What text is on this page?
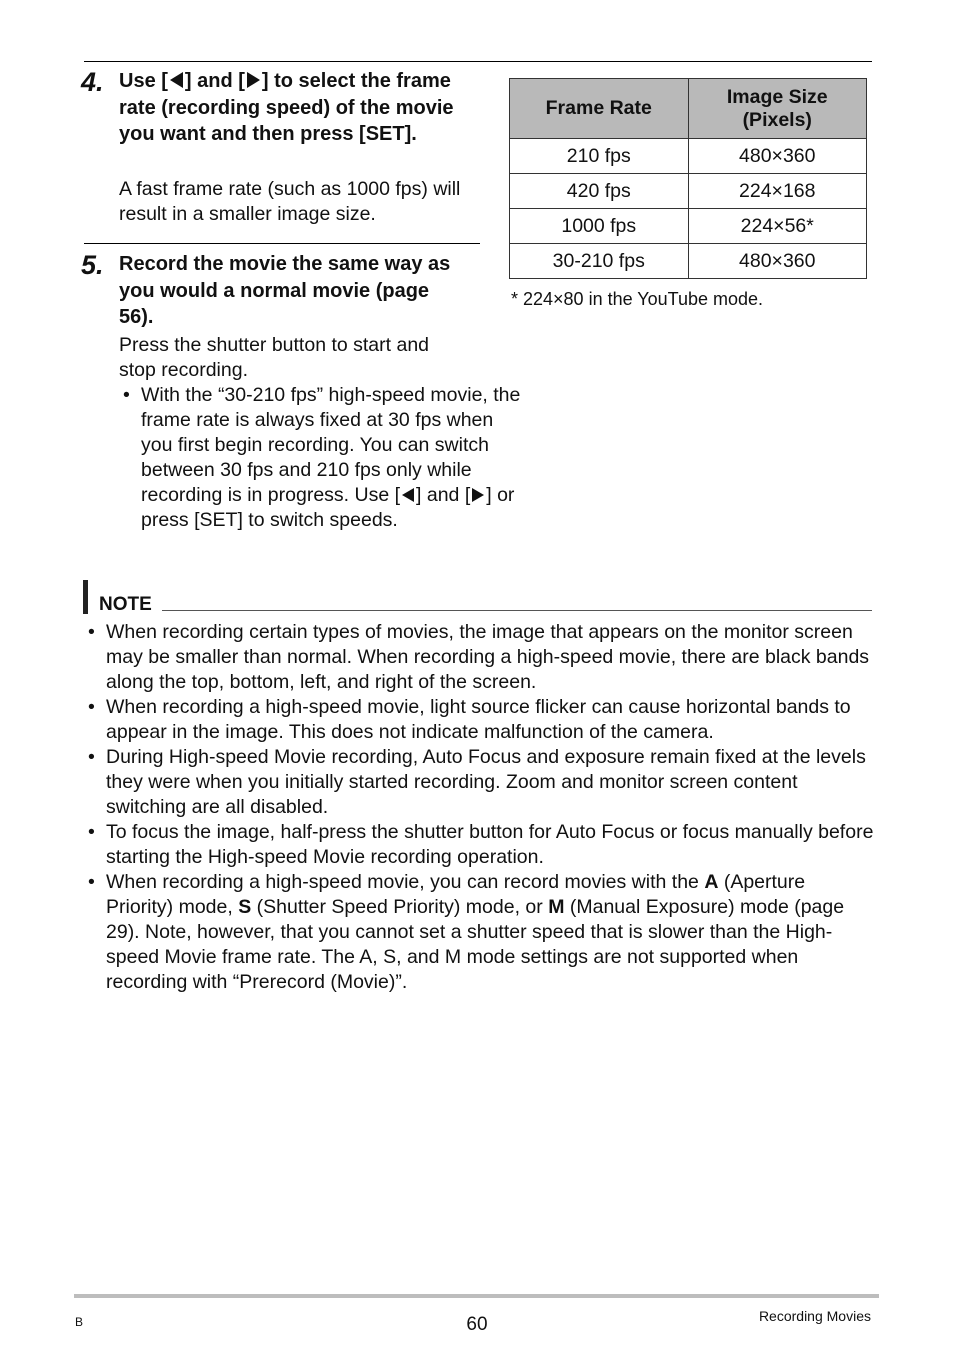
4. Use [ ] and [ ] to select the frame rate (recording speed) of the movie you want and then press [SET].
A fast frame rate (such as 1000 fps) will result in a smaller image size.
5. Record the movie the same way as you would a normal movie (page 56).
Press the shutter button to start and stop recording.
• With the “30-210 fps” high-speed movie, the frame rate is always fixed at 30 fps when you first begin recording. You can switch between 30 fps and 210 fps only while recording is in progress. Use [ ] and [ ] or press [SET] to switch speeds.
Frame Rate	Image Size (Pixels)
210 fps	480×360
420 fps	224×168
1000 fps	224×56*
30-210 fps	480×360
* 224×80 in the YouTube mode.
NOTE
• When recording certain types of movies, the image that appears on the monitor screen may be smaller than normal. When recording a high-speed movie, there are black bands along the top, bottom, left, and right of the screen.
• When recording a high-speed movie, light source flicker can cause horizontal bands to appear in the image. This does not indicate malfunction of the camera.
• During High-speed Movie recording, Auto Focus and exposure remain fixed at the levels they were when you initially started recording. Zoom and monitor screen content switching are all disabled.
• To focus the image, half-press the shutter button for Auto Focus or focus manually before starting the High-speed Movie recording operation.
• When recording a high-speed movie, you can record movies with the A (Aperture Priority) mode, S (Shutter Speed Priority) mode, or M (Manual Exposure) mode (page 29). Note, however, that you cannot set a shutter speed that is slower than the High-speed Movie frame rate. The A, S, and M mode settings are not supported when recording with “Prerecord (Movie)”.
B	60	Recording Movies
